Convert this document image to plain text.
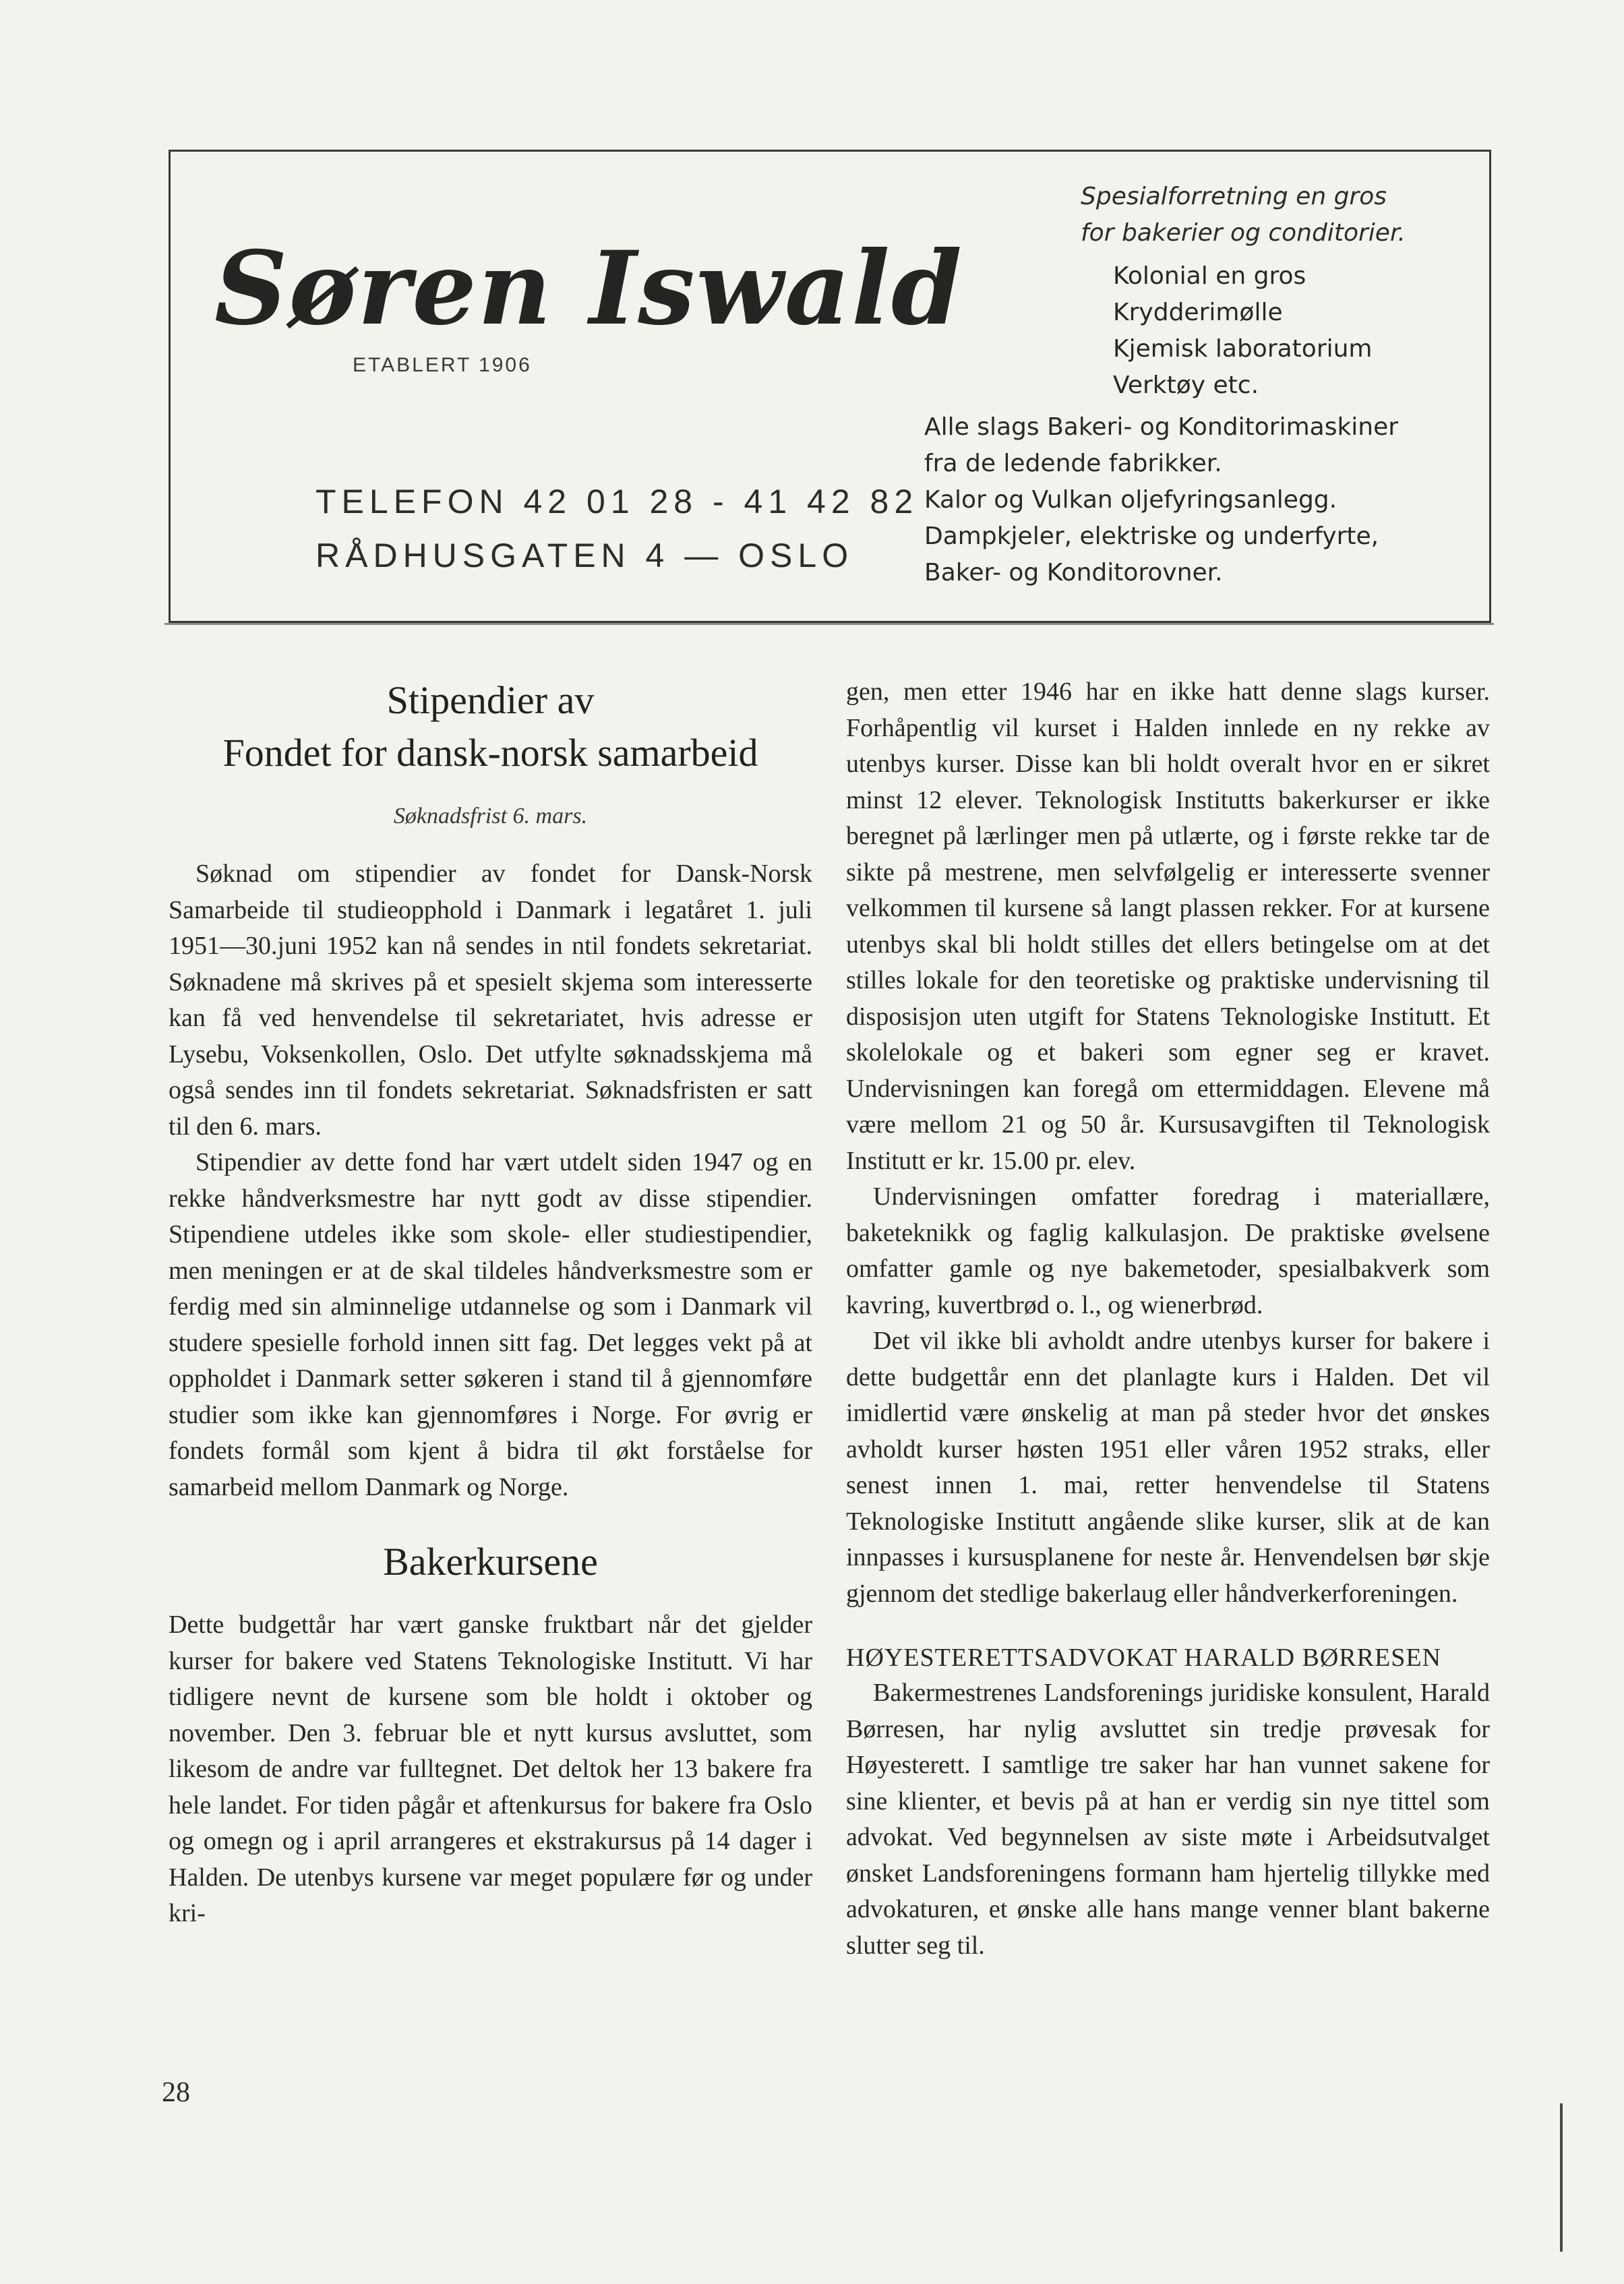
Søren Iswald
ETABLERT 1906
TELEFON 42 01 28 - 41 42 82
RÅDHUSGATEN 4 — OSLO
Spesialforretning en gros
for bakerier og conditorier.
Kolonial en gros
Krydderimølle
Kjemisk laboratorium
Verktøy etc.
Alle slags Bakeri- og Konditorimaskiner
fra de ledende fabrikker.
Kalor og Vulkan oljefyringsanlegg.
Dampkjeler, elektriske og underfyrte,
Baker- og Konditorovner.
Stipendier av
Fondet for dansk-norsk samarbeid
Søknadsfrist 6. mars.

Søknad om stipendier av fondet for Dansk-Norsk Samarbeide til studieopphold i Danmark i legatåret 1. juli 1951—30.juni 1952 kan nå sendes in ntil fondets sekretariat. Søknadene må skrives på et spesielt skjema som interesserte kan få ved henvendelse til sekretariatet, hvis adresse er Lysebu, Voksenkollen, Oslo. Det utfylte søknadsskjema må også sendes inn til fondets sekretariat. Søknadsfristen er satt til den 6. mars.

Stipendier av dette fond har vært utdelt siden 1947 og en rekke håndverksmestre har nytt godt av disse stipendier. Stipendiene utdeles ikke som skole- eller studiestipendier, men meningen er at de skal tildeles håndverksmestre som er ferdig med sin alminnelige utdannelse og som i Danmark vil studere spesielle forhold innen sitt fag. Det legges vekt på at oppholdet i Danmark setter søkeren i stand til å gjennomføre studier som ikke kan gjennomføres i Norge. For øvrig er fondets formål som kjent å bidra til økt forståelse for samarbeid mellom Danmark og Norge.

Bakerkursene

Dette budgettår har vært ganske fruktbart når det gjelder kurser for bakere ved Statens Teknologiske Institutt. Vi har tidligere nevnt de kursene som ble holdt i oktober og november. Den 3. februar ble et nytt kursus avsluttet, som likesom de andre var fulltegnet. Det deltok her 13 bakere fra hele landet. For tiden pågår et aftenkursus for bakere fra Oslo og omegn og i april arrangeres et ekstrakursus på 14 dager i Halden. De utenbys kursene var meget populære før og under kri-

gen, men etter 1946 har en ikke hatt denne slags kurser. Forhåpentlig vil kurset i Halden innlede en ny rekke av utenbys kurser. Disse kan bli holdt overalt hvor en er sikret minst 12 elever. Teknologisk Institutts bakerkurser er ikke beregnet på lærlinger men på utlærte, og i første rekke tar de sikte på mestrene, men selvfølgelig er interesserte svenner velkommen til kursene så langt plassen rekker. For at kursene utenbys skal bli holdt stilles det ellers betingelse om at det stilles lokale for den teoretiske og praktiske undervisning til disposisjon uten utgift for Statens Teknologiske Institutt. Et skolelokale og et bakeri som egner seg er kravet. Undervisningen kan foregå om ettermiddagen. Elevene må være mellom 21 og 50 år. Kursusavgiften til Teknologisk Institutt er kr. 15.00 pr. elev.

Undervisningen omfatter foredrag i materiallære, baketeknikk og faglig kalkulasjon. De praktiske øvelsene omfatter gamle og nye bakemetoder, spesialbakverk som kavring, kuvertbrød o. l., og wienerbrød.

Det vil ikke bli avholdt andre utenbys kurser for bakere i dette budgettår enn det planlagte kurs i Halden. Det vil imidlertid være ønskelig at man på steder hvor det ønskes avholdt kurser høsten 1951 eller våren 1952 straks, eller senest innen 1. mai, retter henvendelse til Statens Teknologiske Institutt angående slike kurser, slik at de kan innpasses i kursusplanene for neste år. Henvendelsen bør skje gjennom det stedlige bakerlaug eller håndverkerforeningen.

HØYESTERETTSADVOKAT HARALD BØRRESEN

Bakermestrenes Landsforenings juridiske konsulent, Harald Børresen, har nylig avsluttet sin tredje prøvesak for Høyesterett. I samtlige tre saker har han vunnet sakene for sine klienter, et bevis på at han er verdig sin nye tittel som advokat. Ved begynnelsen av siste møte i Arbeidsutvalget ønsket Landsforeningens formann ham hjertelig tillykke med advokaturen, et ønske alle hans mange venner blant bakerne slutter seg til.

28
